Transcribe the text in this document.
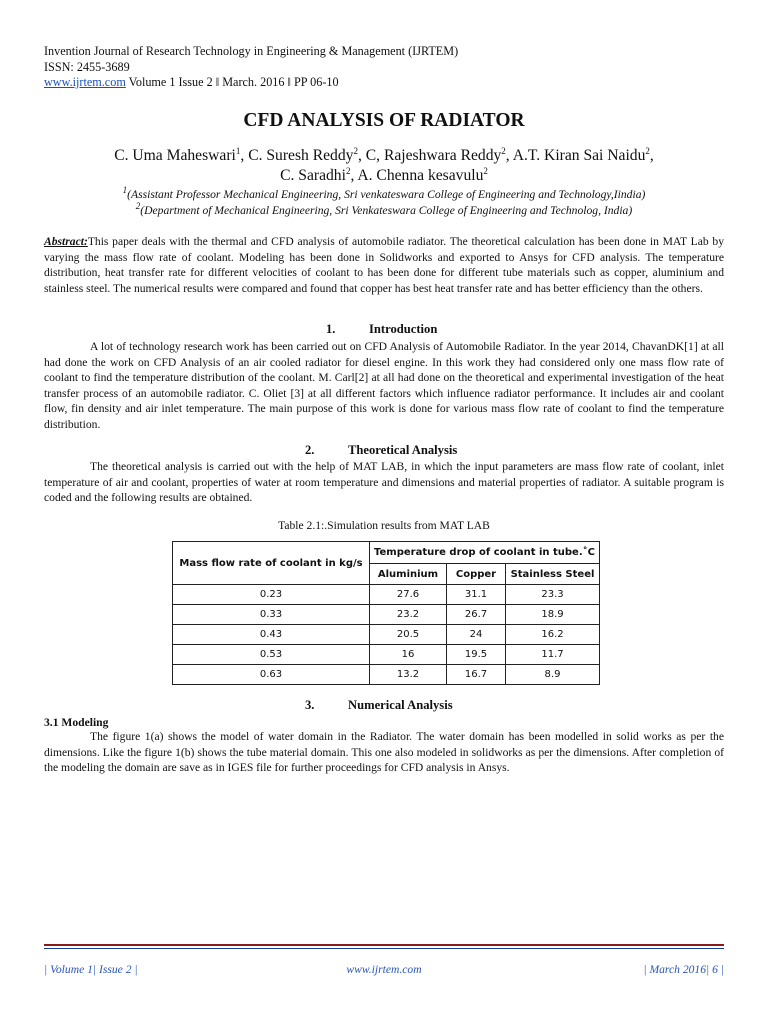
Invention Journal of Research Technology in Engineering & Management (IJRTEM)
ISSN: 2455-3689
www.ijrtem.com Volume 1 Issue 2 ǁ March. 2016 ǁ PP 06-10
CFD ANALYSIS OF RADIATOR
C. Uma Maheswari$^1$, C. Suresh Reddy$^2$, C, Rajeshwara Reddy$^2$, A.T. Kiran Sai Naidu$^2$,
C. Saradhi$^2$, A. Chenna kesavulu$^2$
$^1$(Assistant Professor Mechanical Engineering, Sri venkateswara College of Engineering and Technology,Iindia)
$^2$(Department of Mechanical Engineering, Sri Venkateswara College of Engineering and Technolog, India)
Abstract:This paper deals with the thermal and CFD analysis of automobile radiator. The theoretical calculation has been done in MAT Lab by varying the mass flow rate of coolant. Modeling has been done in Solidworks and exported to Ansys for CFD analysis. The temperature distribution, heat transfer rate for different velocities of coolant to has been done for different tube materials such as copper, aluminium and stainless steel. The numerical results were compared and found that copper has best heat transfer rate and has better efficiency than the others.
1.	Introduction
A lot of technology research work has been carried out on CFD Analysis of Automobile Radiator. In the year 2014, ChavanDK[1] at all had done the work on CFD Analysis of an air cooled radiator for diesel engine. In this work they had considered only one mass flow rate of coolant to find the temperature distribution of the coolant. M. Carl[2] at all had done on the theoretical and experimental investigation of the heat transfer process of an automobile radiator. C. Oliet [3] at all different factors which influence radiator performance. It includes air and coolant flow, fin density and air inlet temperature. The main purpose of this work is done for various mass flow rate of coolant to find the temperature distribution.
2.	Theoretical Analysis
The theoretical analysis is carried out with the help of MAT LAB, in which the input parameters are mass flow rate of coolant, inlet temperature of air and coolant, properties of water at room temperature and dimensions and material properties of radiator. A suitable program is coded and the following results are obtained.
Table 2.1:.Simulation results from MAT LAB
Mass flow rate of coolant in kg/s	Temperature drop of coolant in tube.˚C		
	Aluminium	Copper	Stainless Steel
0.23	27.6	31.1	23.3
0.33	23.2	26.7	18.9
0.43	20.5	24	16.2
0.53	16	19.5	11.7
0.63	13.2	16.7	8.9
3.	Numerical Analysis
3.1 Modeling
The figure 1(a) shows the model of water domain in the Radiator. The water domain has been modelled in solid works as per the dimensions. Like the figure 1(b) shows the tube material domain. This one also modeled in solidworks as per the dimensions. After completion of the modeling the domain are save as in IGES file for further proceedings for CFD analysis in Ansys.
| Volume 1| Issue 2 |	www.ijrtem.com	| March 2016| 6 |
